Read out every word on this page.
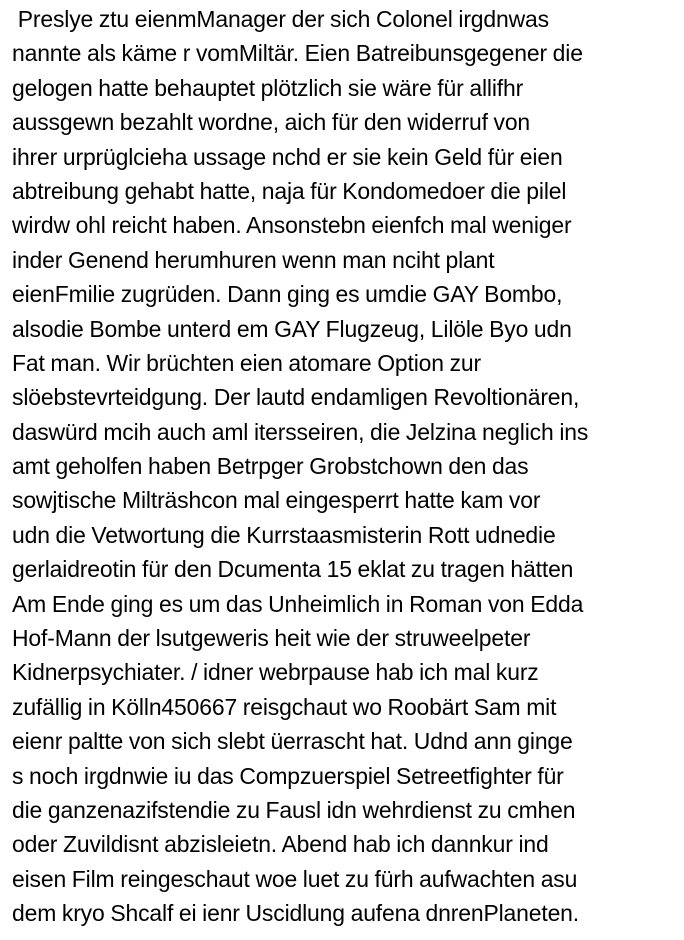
Preslye ztu eienmManager der sich Colonel irgdnwas
nannte als käme r vomMiltär. Eien Batreibunsgegener die
gelogen hatte behauptet plötzlich sie wäre für allifhr
aussgewn bezahlt wordne, aich für den widerruf von
ihrer urprüglcieha ussage nchd er sie kein Geld für eien
abtreibung gehabt hatte, naja für Kondomedoer die pilel
wirdw ohl reicht haben. Ansonstebn eienfch mal weniger
inder Genend herumhuren wenn man nciht plant
eienFmilie zugrüden. Dann ging es umdie GAY Bombo,
alsodie Bombe unterd em GAY Flugzeug, Lilöle Byo udn
Fat man. Wir brüchten eien atomare Option zur
slöebstevrteidgung. Der lautd endamligen Revoltionären,
daswürd mcih auch aml itersseiren, die Jelzina neglich ins
amt geholfen haben Betrpger Grobstchown den das
sowjtische Milträshcon mal eingesperrt hatte kam vor
udn die Vetwortung die Kurrstaasmisterin Rott udnedie
gerlaidreotin für den Dcumenta 15 eklat zu tragen hätten
Am Ende ging es um das Unheimlich in Roman von Edda
Hof-Mann der lsutgeweris heit wie der struweelpeter
Kidnerpsychiater. / idner webrpause hab ich mal kurz
zufällig in Kölln450667 reisgchaut wo Roobärt Sam mit
eienr paltte von sich slebt üerrascht hat. Udnd ann ginge
s noch irgdnwie iu das Compzuerspiel Setreetfighter für
die ganzenazifstendie zu Fausl idn wehrdienst zu cmhen
oder Zuvildisnt abzisleietn. Abend hab ich dannkur ind
eisen Film reingeschaut woe luet zu fürh aufwachten asu
dem kryo Shcalf ei ienr Uscidlung aufena dnrenPlaneten.
